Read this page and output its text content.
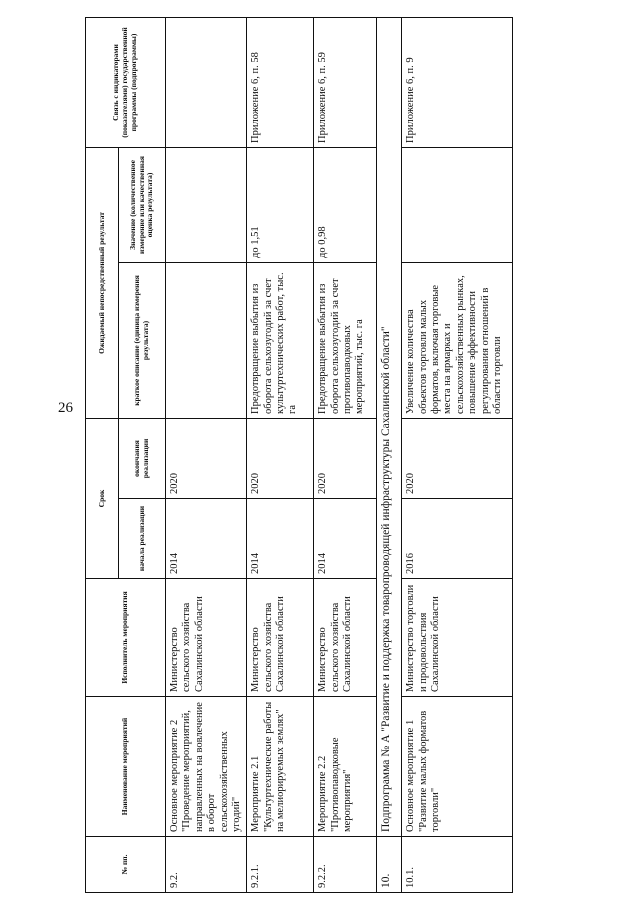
26
№ пп.	Наименование мероприятий	Исполнитель мероприятия	Срок		Ожидаемый непосредственный результат		Связь с индикаторами (показателями) государственной программы (подпрограммы)
			начала реализации	окончания реализации	краткое описание (единица измерения результата)	Значение (количественное измерение или качественная оценка результата)	
9.2.	Основное мероприятие 2 "Проведение мероприятий, направленных на вовлечение в оборот сельскохозяйственных угодий"	Министерство сельского хозяйства Сахалинской области	2014	2020			
9.2.1.	Мероприятие 2.1 "Культуртехнические работы на мелиорируемых землях"	Министерство сельского хозяйства Сахалинской области	2014	2020	Предотвращение выбытия из оборота сельхозугодий за счет культуртехнических работ, тыс. га	до 1,51	Приложение 6, п. 58
9.2.2.	Мероприятие 2.2 "Противопаводковые мероприятия"	Министерство сельского хозяйства Сахалинской области	2014	2020	Предотвращение выбытия из оборота сельхозугодий за счет противопаводковых мероприятий, тыс. га	до 0,98	Приложение 6, п. 59
10.	Подпрограмма № А "Развитие и поддержка товаропроводящей инфраструктуры Сахалинской области"						
10.1.	Основное мероприятие 1 "Развитие малых форматов торговли"	Министерство торговли и продовольствия Сахалинской области	2016	2020	Увеличение количества объектов торговли малых форматов, включая торговые места на ярмарках и сельскохозяйственных рынках, повышение эффективности регулирования отношений в области торговли		Приложение 6, п. 9
